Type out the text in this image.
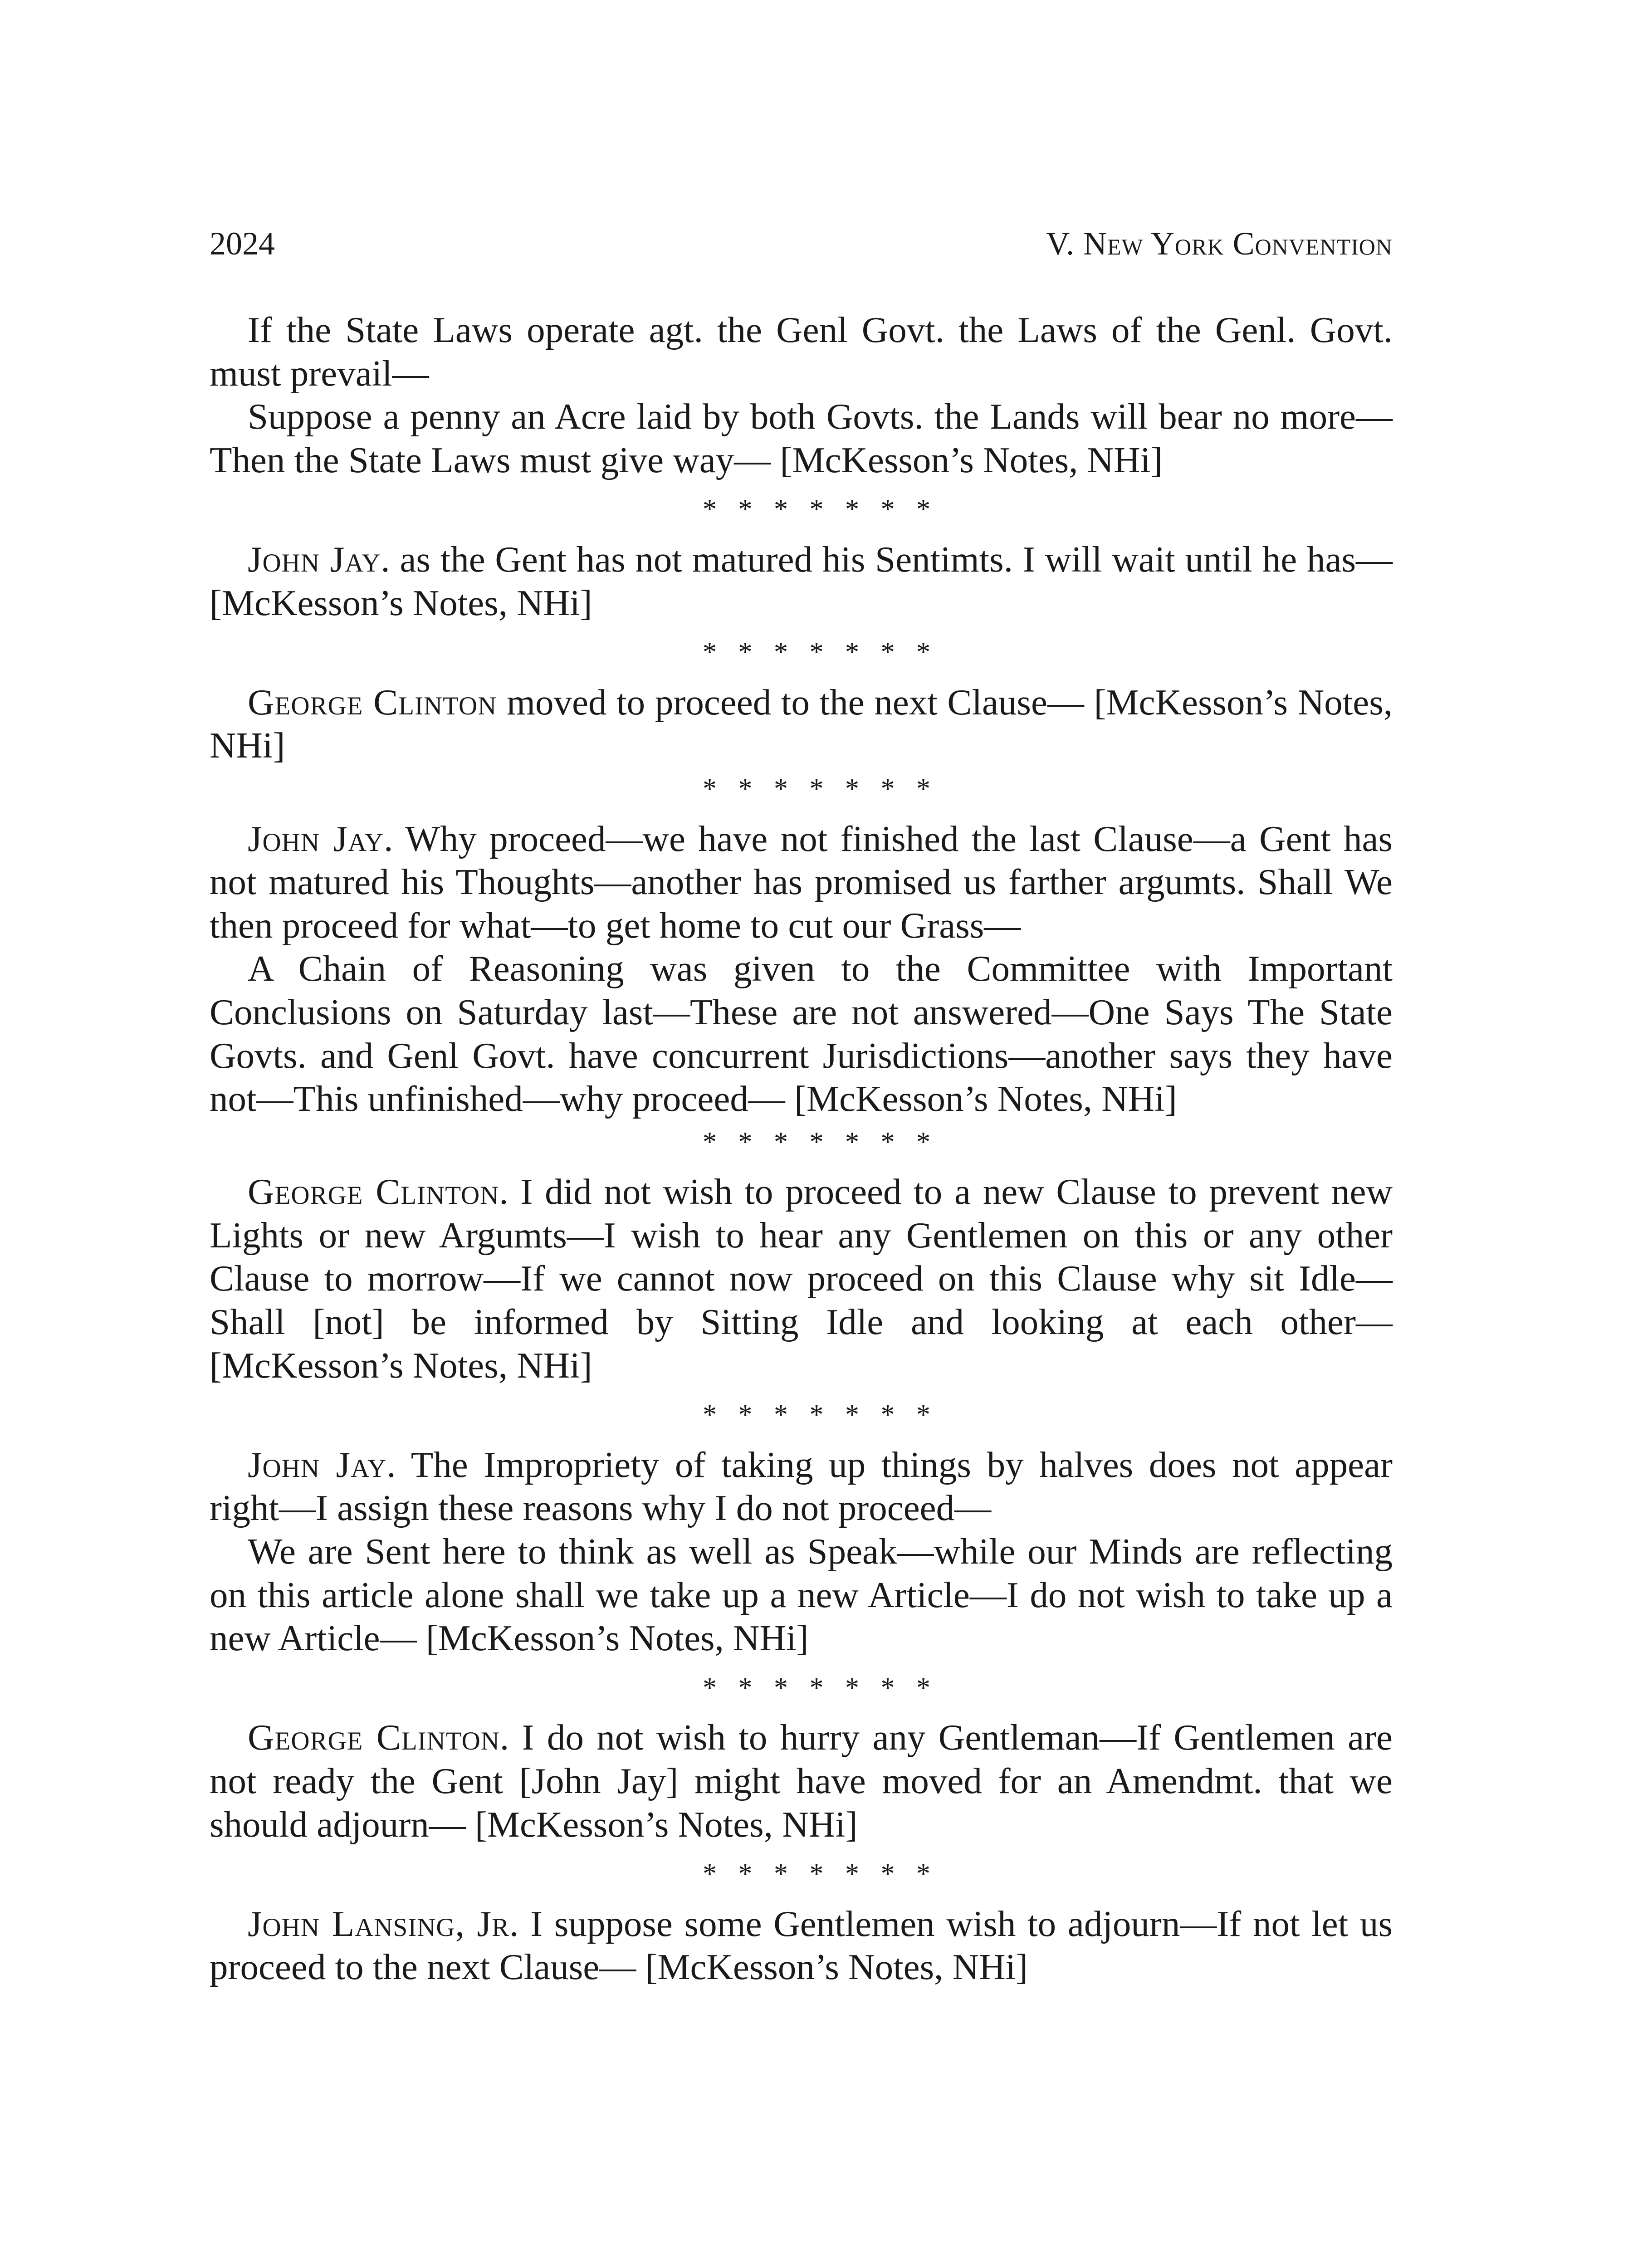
2024	V. New York Convention

If the State Laws operate agt. the Genl Govt. the Laws of the Genl. Govt. must prevail—

Suppose a penny an Acre laid by both Govts. the Lands will bear no more—Then the State Laws must give way— [McKesson’s Notes, NHi]

* * * * * * *

John Jay. as the Gent has not matured his Sentimts. I will wait until he has— [McKesson’s Notes, NHi]

* * * * * * *

George Clinton moved to proceed to the next Clause— [McKesson’s Notes, NHi]

* * * * * * *

John Jay. Why proceed—we have not finished the last Clause—a Gent has not matured his Thoughts—another has promised us farther argumts. Shall We then proceed for what—to get home to cut our Grass—

A Chain of Reasoning was given to the Committee with Important Conclusions on Saturday last—These are not answered—One Says The State Govts. and Genl Govt. have concurrent Jurisdictions—another says they have not—This unfinished—why proceed— [McKesson’s Notes, NHi]

* * * * * * *

George Clinton. I did not wish to proceed to a new Clause to prevent new Lights or new Argumts—I wish to hear any Gentlemen on this or any other Clause to morrow—If we cannot now proceed on this Clause why sit Idle—Shall [not] be informed by Sitting Idle and looking at each other— [McKesson’s Notes, NHi]

* * * * * * *

John Jay. The Impropriety of taking up things by halves does not appear right—I assign these reasons why I do not proceed—

We are Sent here to think as well as Speak—while our Minds are reflecting on this article alone shall we take up a new Article—I do not wish to take up a new Article— [McKesson’s Notes, NHi]

* * * * * * *

George Clinton. I do not wish to hurry any Gentleman—If Gentlemen are not ready the Gent [John Jay] might have moved for an Amendmt. that we should adjourn— [McKesson’s Notes, NHi]

* * * * * * *

John Lansing, Jr. I suppose some Gentlemen wish to adjourn—If not let us proceed to the next Clause— [McKesson’s Notes, NHi]
